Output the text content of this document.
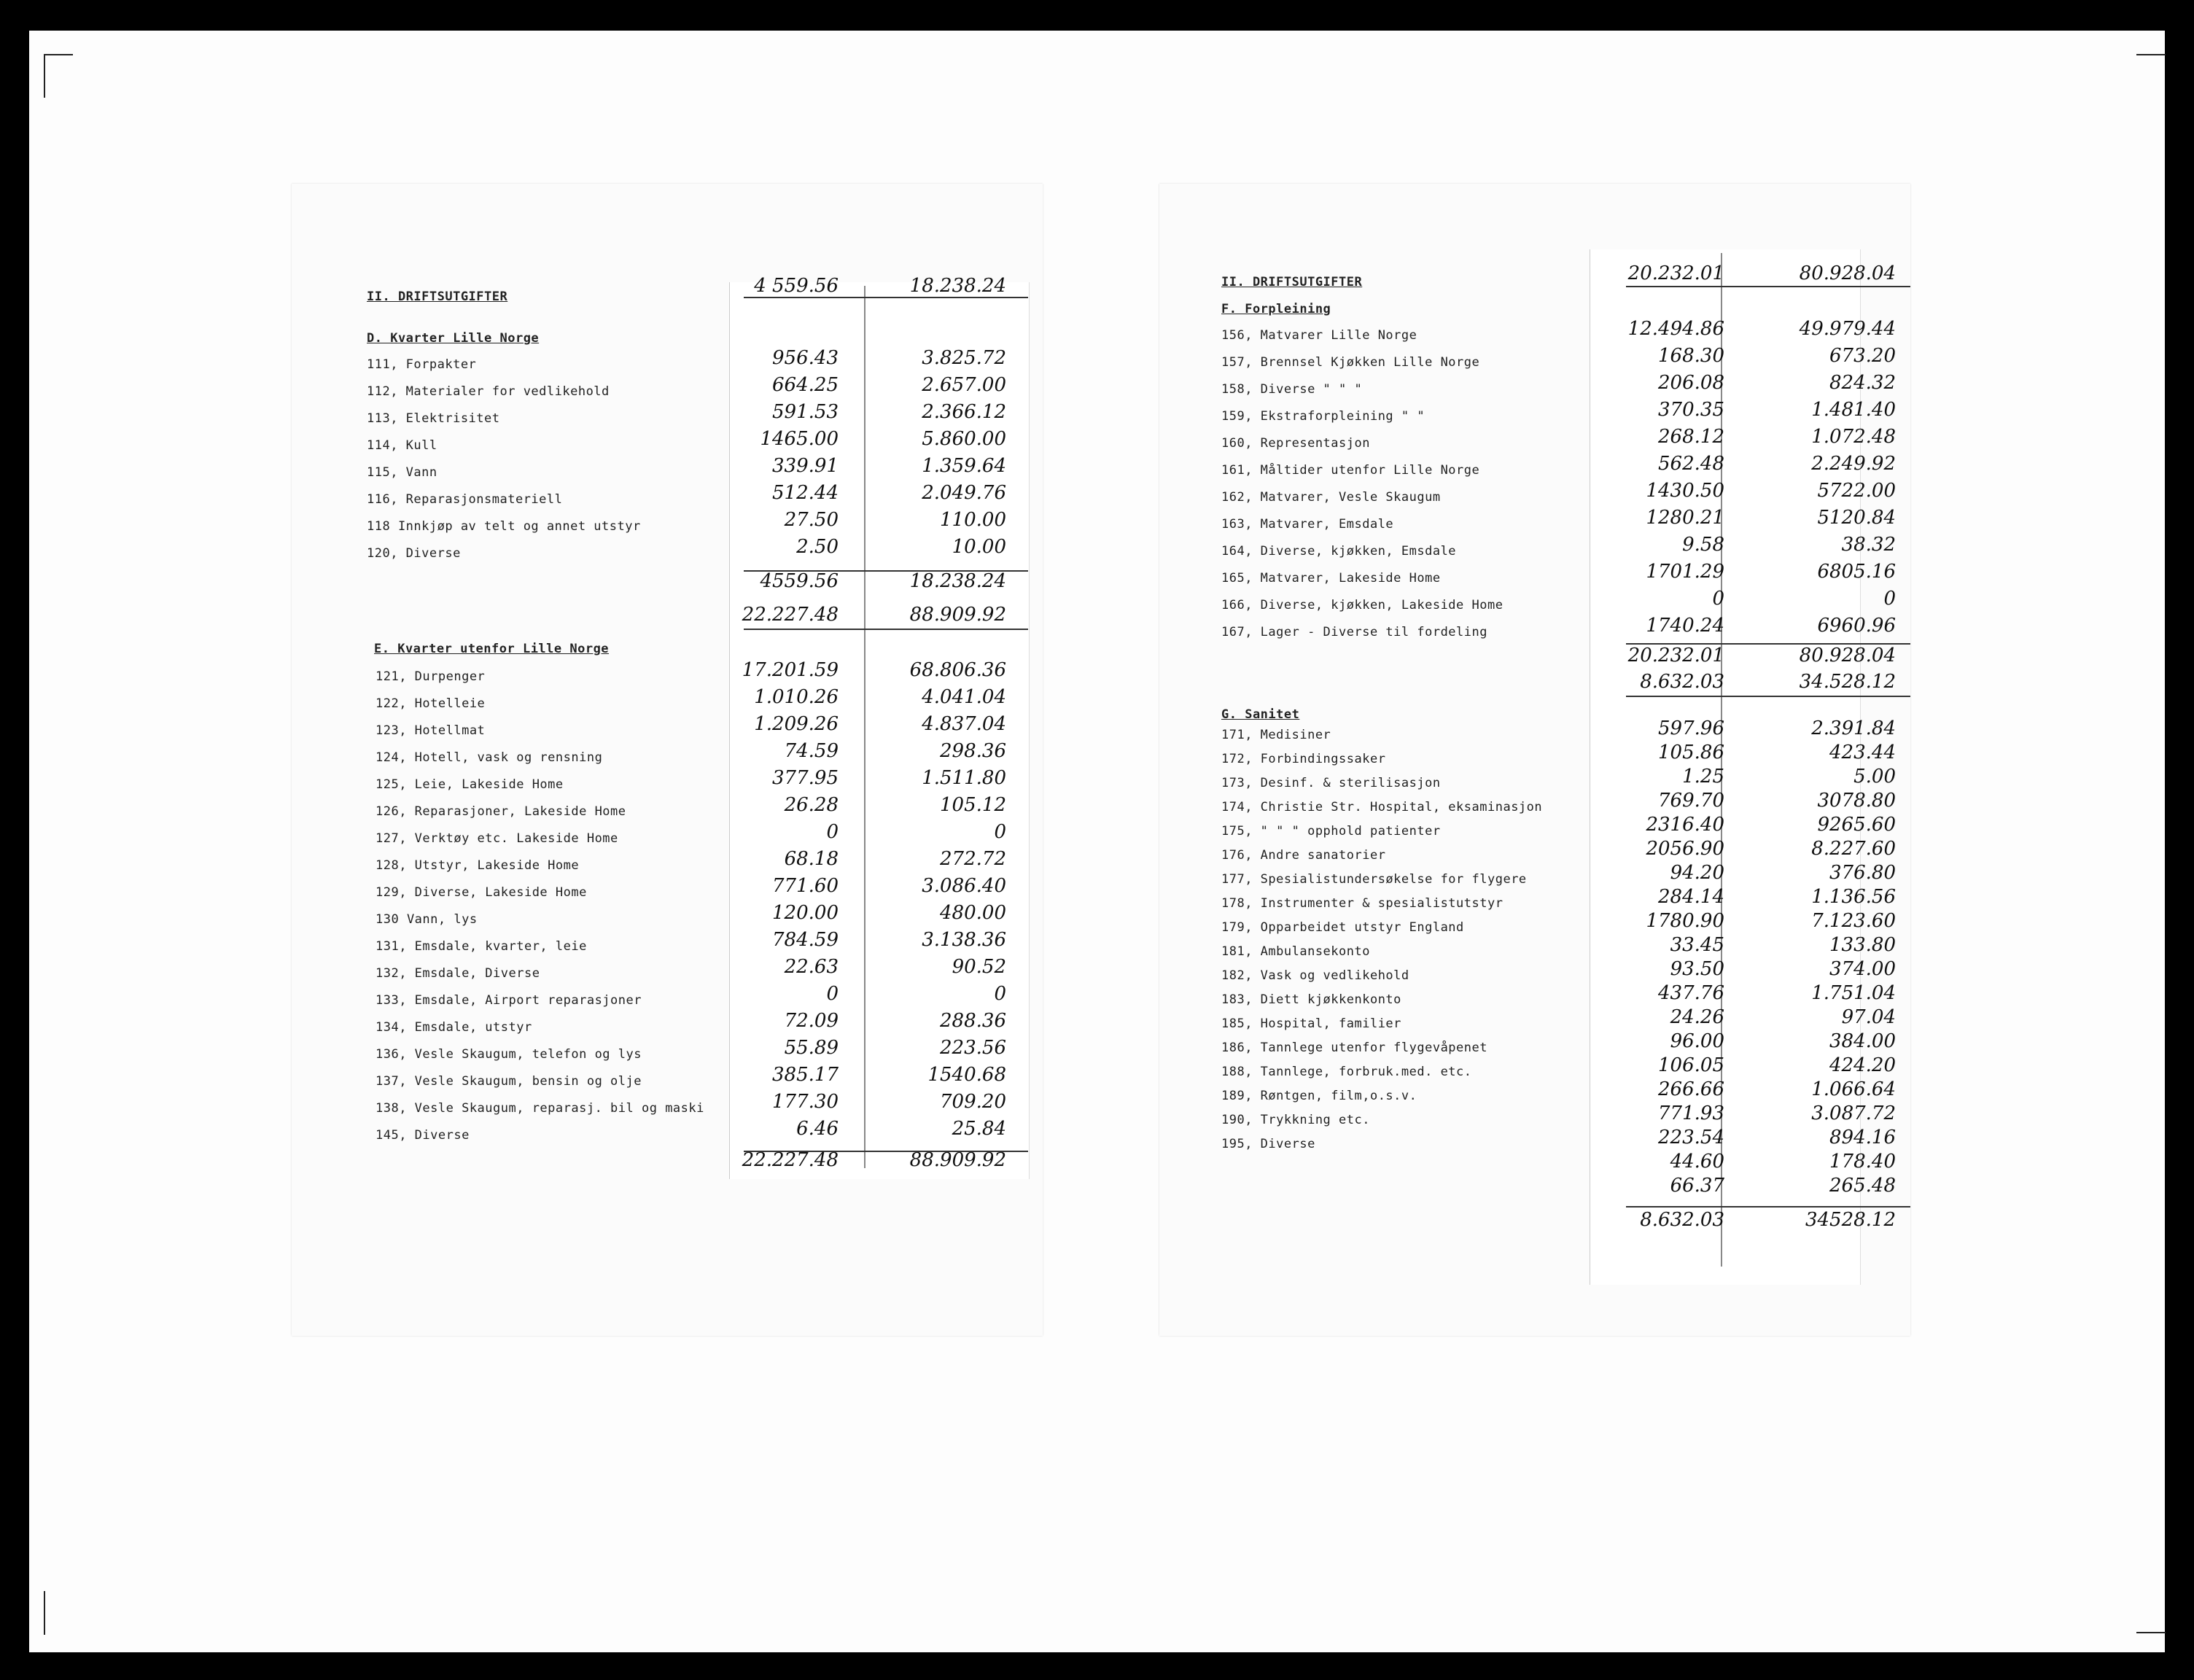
II. DRIFTSUTGIFTER	4 559.56	18.238.24
D. Kvarter Lille Norge
111, Forpakter	956.43	3.825.72
112, Materialer for vedlikehold	664.25	2.657.00
113, Elektrisitet	591.53	2.366.12
114, Kull	1465.00	5.860.00
115, Vann	339.91	1.359.64
116, Reparasjonsmateriell	512.44	2.049.76
118 Innkjøp av telt og annet utstyr	27.50	110.00
120, Diverse	2.50	10.00
4559.56	18.238.24
22.227.48	88.909.92
E. Kvarter utenfor Lille Norge
121, Durpenger	17.201.59	68.806.36
122, Hotelleie	1.010.26	4.041.04
123, Hotellmat	1.209.26	4.837.04
124, Hotell, vask og rensning	74.59	298.36
125, Leie, Lakeside Home	377.95	1.511.80
126, Reparasjoner, Lakeside Home	26.28	105.12
127, Verktøy etc. Lakeside Home	0	0
128, Utstyr, Lakeside Home	68.18	272.72
129, Diverse, Lakeside Home	771.60	3.086.40
130 Vann, lys	120.00	480.00
131, Emsdale, kvarter, leie	784.59	3.138.36
132, Emsdale, Diverse	22.63	90.52
133, Emsdale, Airport reparasjoner	0	0
134, Emsdale, utstyr	72.09	288.36
136, Vesle Skaugum, telefon og lys	55.89	223.56
137, Vesle Skaugum, bensin og olje	385.17	1540.68
138, Vesle Skaugum, reparasj. bil og maski	177.30	709.20
145, Diverse	6.46	25.84
22.227.48	88.909.92
II. DRIFTSUTGIFTER	20.232.01	80.928.04
F. Forpleining
156, Matvarer Lille Norge	12.494.86	49.979.44
157, Brennsel Kjøkken Lille Norge	168.30	673.20
158, Diverse " " "	206.08	824.32
159, Ekstraforpleining " "	370.35	1.481.40
160, Representasjon	268.12	1.072.48
161, Måltider utenfor Lille Norge	562.48	2.249.92
162, Matvarer, Vesle Skaugum	1430.50	5722.00
163, Matvarer, Emsdale	1280.21	5120.84
164, Diverse, kjøkken, Emsdale	9.58	38.32
165, Matvarer, Lakeside Home	1701.29	6805.16
166, Diverse, kjøkken, Lakeside Home	0	0
167, Lager - Diverse til fordeling	1740.24	6960.96
20.232.01	80.928.04
8.632.03	34.528.12
G. Sanitet
171, Medisiner	597.96	2.391.84
172, Forbindingssaker	105.86	423.44
173, Desinf. & sterilisasjon	1.25	5.00
174, Christie Str. Hospital, eksaminasjon	769.70	3078.80
175, " " " opphold patienter	2316.40	9265.60
176, Andre sanatorier	2056.90	8.227.60
177, Spesialistundersøkelse for flygere	94.20	376.80
178, Instrumenter & spesialistutstyr	284.14	1.136.56
179, Opparbeidet utstyr England	1780.90	7.123.60
181, Ambulansekonto	33.45	133.80
182, Vask og vedlikehold	93.50	374.00
183, Diett kjøkkenkonto	437.76	1.751.04
185, Hospital, familier	24.26	97.04
186, Tannlege utenfor flygevåpenet	96.00	384.00
188, Tannlege, forbruk.med. etc.	106.05	424.20
189, Røntgen, film,o.s.v.	266.66	1.066.64
190, Trykkning etc.	771.93	3.087.72
195, Diverse	223.54	894.16
44.60	178.40
66.37	265.48
8.632.03	34528.12
